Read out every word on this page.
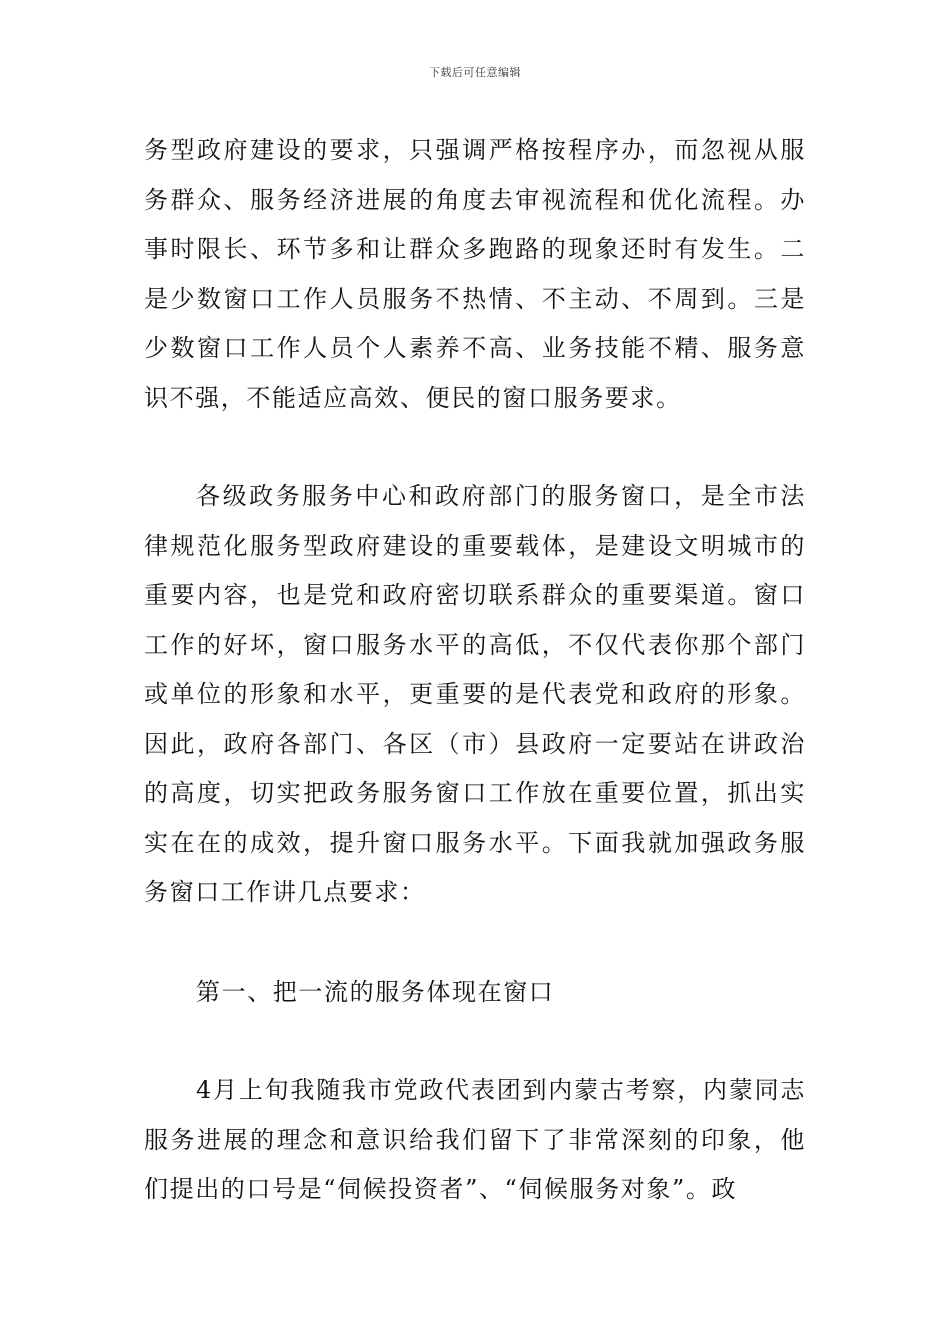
下载后可任意编辑

务型政府建设的要求，只强调严格按程序办，而忽视从服务群众、服务经济进展的角度去审视流程和优化流程。办事时限长、环节多和让群众多跑路的现象还时有发生。二是少数窗口工作人员服务不热情、不主动、不周到。三是少数窗口工作人员个人素养不高、业务技能不精、服务意识不强，不能适应高效、便民的窗口服务要求。

各级政务服务中心和政府部门的服务窗口，是全市法律规范化服务型政府建设的重要载体，是建设文明城市的重要内容，也是党和政府密切联系群众的重要渠道。窗口工作的好坏，窗口服务水平的高低，不仅代表你那个部门或单位的形象和水平，更重要的是代表党和政府的形象。因此，政府各部门、各区（市）县政府一定要站在讲政治的高度，切实把政务服务窗口工作放在重要位置，抓出实实在在的成效，提升窗口服务水平。下面我就加强政务服务窗口工作讲几点要求：

第一、把一流的服务体现在窗口

4月上旬我随我市党政代表团到内蒙古考察，内蒙同志服务进展的理念和意识给我们留下了非常深刻的印象，他们提出的口号是“伺候投资者”、“伺候服务对象”。政
